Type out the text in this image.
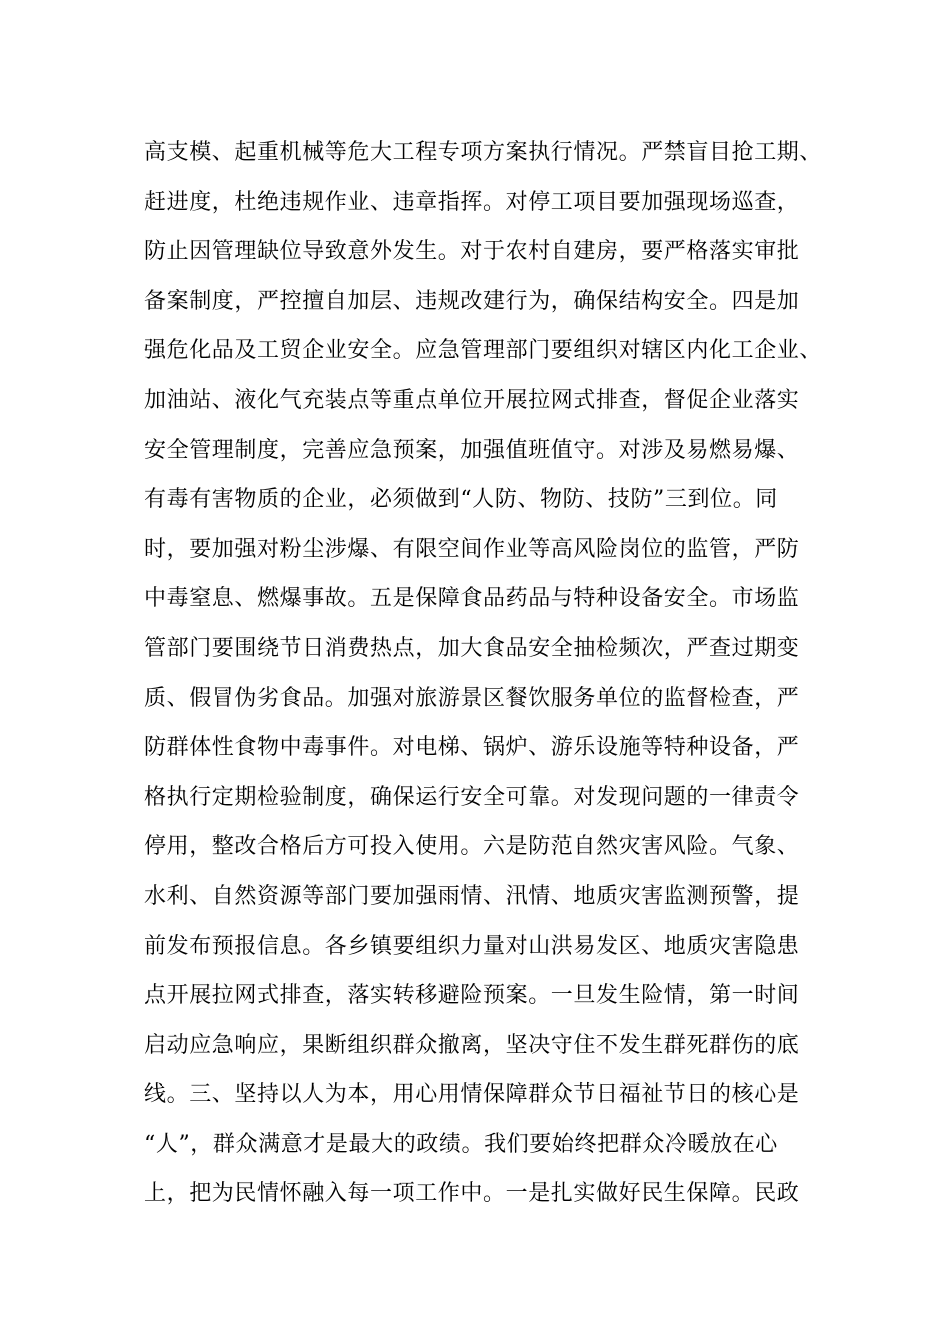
高支模、起重机械等危大工程专项方案执行情况。严禁盲目抢工期、
赶进度，杜绝违规作业、违章指挥。对停工项目要加强现场巡查，
防止因管理缺位导致意外发生。对于农村自建房，要严格落实审批
备案制度，严控擅自加层、违规改建行为，确保结构安全。四是加
强危化品及工贸企业安全。应急管理部门要组织对辖区内化工企业、
加油站、液化气充装点等重点单位开展拉网式排查，督促企业落实
安全管理制度，完善应急预案，加强值班值守。对涉及易燃易爆、
有毒有害物质的企业，必须做到“人防、物防、技防”三到位。同
时，要加强对粉尘涉爆、有限空间作业等高风险岗位的监管，严防
中毒窒息、燃爆事故。五是保障食品药品与特种设备安全。市场监
管部门要围绕节日消费热点，加大食品安全抽检频次，严查过期变
质、假冒伪劣食品。加强对旅游景区餐饮服务单位的监督检查，严
防群体性食物中毒事件。对电梯、锅炉、游乐设施等特种设备，严
格执行定期检验制度，确保运行安全可靠。对发现问题的一律责令
停用，整改合格后方可投入使用。六是防范自然灾害风险。气象、
水利、自然资源等部门要加强雨情、汛情、地质灾害监测预警，提
前发布预报信息。各乡镇要组织力量对山洪易发区、地质灾害隐患
点开展拉网式排查，落实转移避险预案。一旦发生险情，第一时间
启动应急响应，果断组织群众撤离，坚决守住不发生群死群伤的底
线。三、坚持以人为本，用心用情保障群众节日福祉节日的核心是
“人”，群众满意才是最大的政绩。我们要始终把群众冷暖放在心
上，把为民情怀融入每一项工作中。一是扎实做好民生保障。民政
